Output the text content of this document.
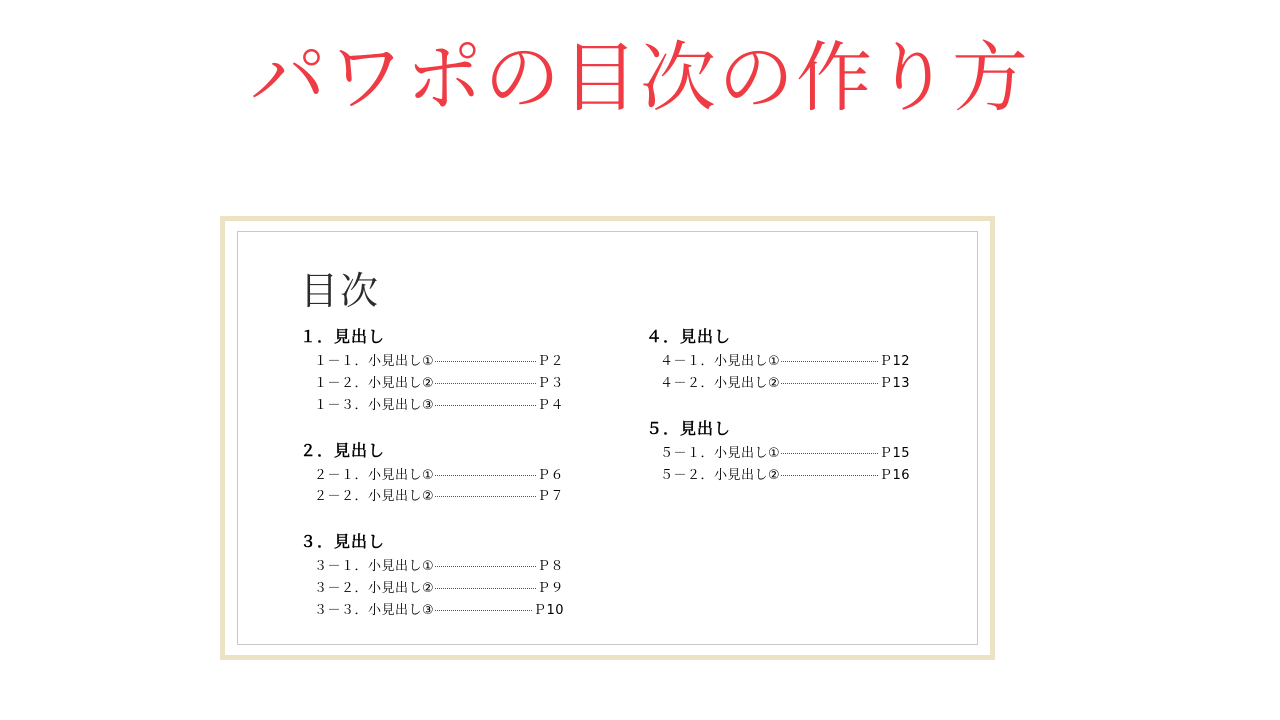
パワポの目次の作り方
目次
１．見出し
１－１．小見出し①	Ｐ２
１－２．小見出し②	Ｐ３
１－３．小見出し③	Ｐ４
２．見出し
２－１．小見出し①	Ｐ６
２－２．小見出し②	Ｐ７
３．見出し
３－１．小見出し①	Ｐ８
３－２．小見出し②	Ｐ９
３－３．小見出し③	Ｐ10
４．見出し
４－１．小見出し①	Ｐ12
４－２．小見出し②	Ｐ13
５．見出し
５－１．小見出し①	Ｐ15
５－２．小見出し②	Ｐ16
